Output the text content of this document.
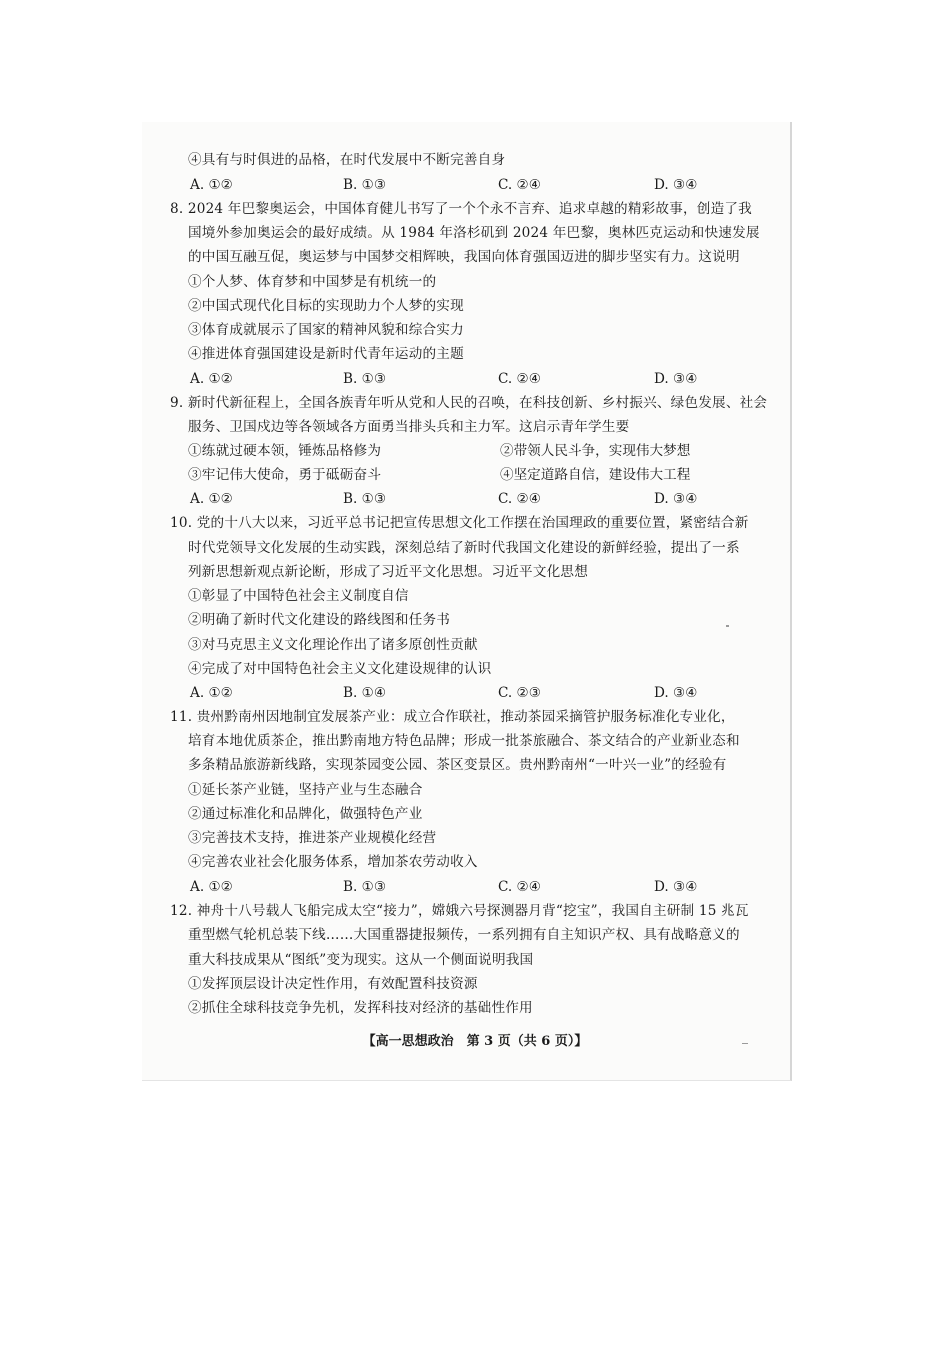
④具有与时俱进的品格，在时代发展中不断完善自身
A. ①②	B. ①③	C. ②④	D. ③④
8. 2024 年巴黎奥运会，中国体育健儿书写了一个个永不言弃、追求卓越的精彩故事，创造了我
国境外参加奥运会的最好成绩。从 1984 年洛杉矶到 2024 年巴黎，奥林匹克运动和快速发展
的中国互融互促，奥运梦与中国梦交相辉映，我国向体育强国迈进的脚步坚实有力。这说明
①个人梦、体育梦和中国梦是有机统一的
②中国式现代化目标的实现助力个人梦的实现
③体育成就展示了国家的精神风貌和综合实力
④推进体育强国建设是新时代青年运动的主题
A. ①②	B. ①③	C. ②④	D. ③④
9. 新时代新征程上，全国各族青年听从党和人民的召唤，在科技创新、乡村振兴、绿色发展、社会
服务、卫国戍边等各领域各方面勇当排头兵和主力军。这启示青年学生要
①练就过硬本领，锤炼品格修为	②带领人民斗争，实现伟大梦想
③牢记伟大使命，勇于砥砺奋斗	④坚定道路自信，建设伟大工程
A. ①②	B. ①③	C. ②④	D. ③④
10. 党的十八大以来，习近平总书记把宣传思想文化工作摆在治国理政的重要位置，紧密结合新
时代党领导文化发展的生动实践，深刻总结了新时代我国文化建设的新鲜经验，提出了一系
列新思想新观点新论断，形成了习近平文化思想。习近平文化思想
①彰显了中国特色社会主义制度自信
②明确了新时代文化建设的路线图和任务书
③对马克思主义文化理论作出了诸多原创性贡献
④完成了对中国特色社会主义文化建设规律的认识
A. ①②	B. ①④	C. ②③	D. ③④
11. 贵州黔南州因地制宜发展茶产业：成立合作联社，推动茶园采摘管护服务标准化专业化，
培育本地优质茶企，推出黔南地方特色品牌；形成一批茶旅融合、茶文结合的产业新业态和
多条精品旅游新线路，实现茶园变公园、茶区变景区。贵州黔南州“一叶兴一业”的经验有
①延长茶产业链，坚持产业与生态融合
②通过标准化和品牌化，做强特色产业
③完善技术支持，推进茶产业规模化经营
④完善农业社会化服务体系，增加茶农劳动收入
A. ①②	B. ①③	C. ②④	D. ③④
12. 神舟十八号载人飞船完成太空“接力”，嫦娥六号探测器月背“挖宝”，我国自主研制 15 兆瓦
重型燃气轮机总装下线……大国重器捷报频传，一系列拥有自主知识产权、具有战略意义的
重大科技成果从“图纸”变为现实。这从一个侧面说明我国
①发挥顶层设计决定性作用，有效配置科技资源
②抓住全球科技竞争先机，发挥科技对经济的基础性作用
【高一思想政治　第 3 页（共 6 页）】
